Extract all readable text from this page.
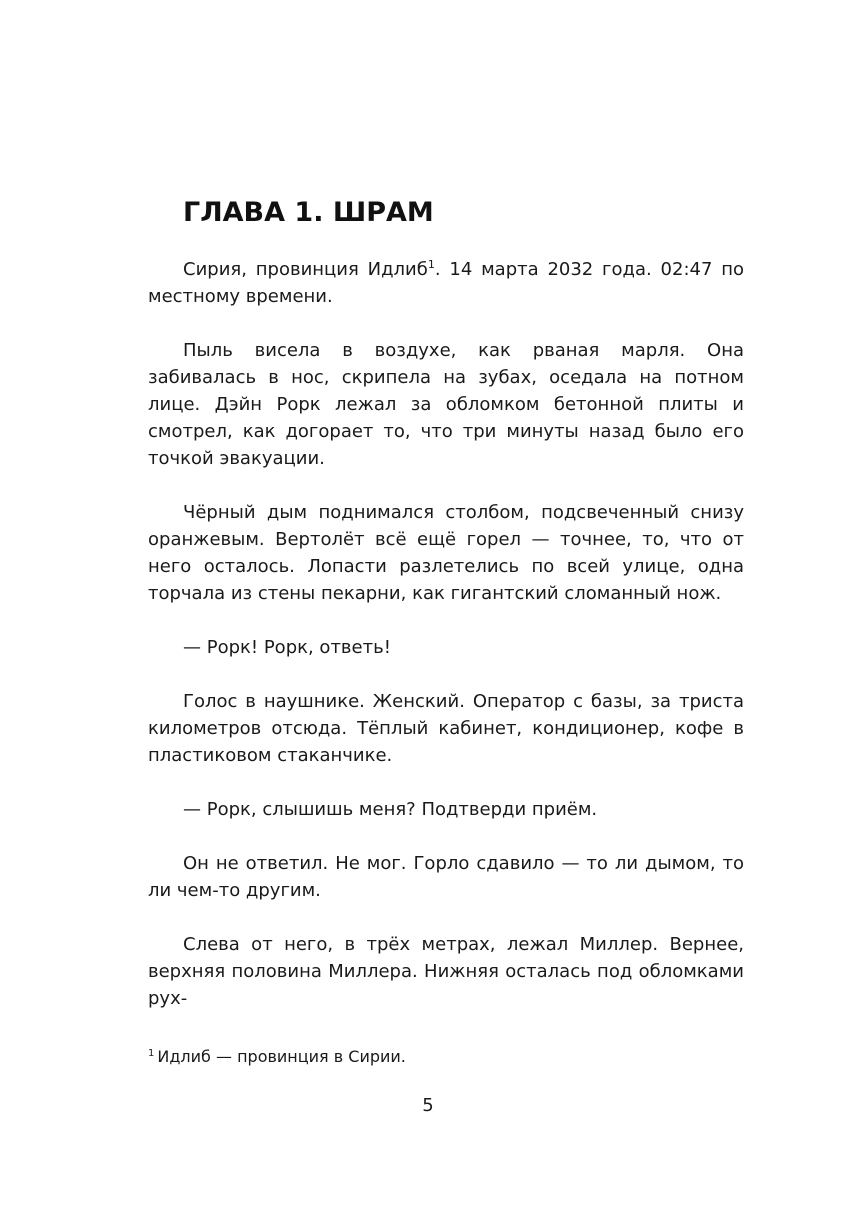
ГЛАВА 1. ШРАМ

Сирия, провинция Идлиб$^1$. 14 марта 2032 года. 02:47 по местному времени.

Пыль висела в воздухе, как рваная марля. Она забивалась в нос, скрипела на зубах, оседала на потном лице. Дэйн Рорк лежал за обломком бетонной плиты и смотрел, как догорает то, что три минуты назад было его точкой эвакуации.

Чёрный дым поднимался столбом, подсвеченный снизу оранжевым. Вертолёт всё ещё горел — точнее, то, что от него осталось. Лопасти разлетелись по всей улице, одна торчала из стены пекарни, как гигантский сломанный нож.

— Рорк! Рорк, ответь!

Голос в наушнике. Женский. Оператор с базы, за триста километров отсюда. Тёплый кабинет, кондиционер, кофе в пластиковом стаканчике.

— Рорк, слышишь меня? Подтверди приём.

Он не ответил. Не мог. Горло сдавило — то ли дымом, то ли чем-то другим.

Слева от него, в трёх метрах, лежал Миллер. Вернее, верхняя половина Миллера. Нижняя осталась под обломками рух-

$^1$ Идлиб — провинция в Сирии.
5
